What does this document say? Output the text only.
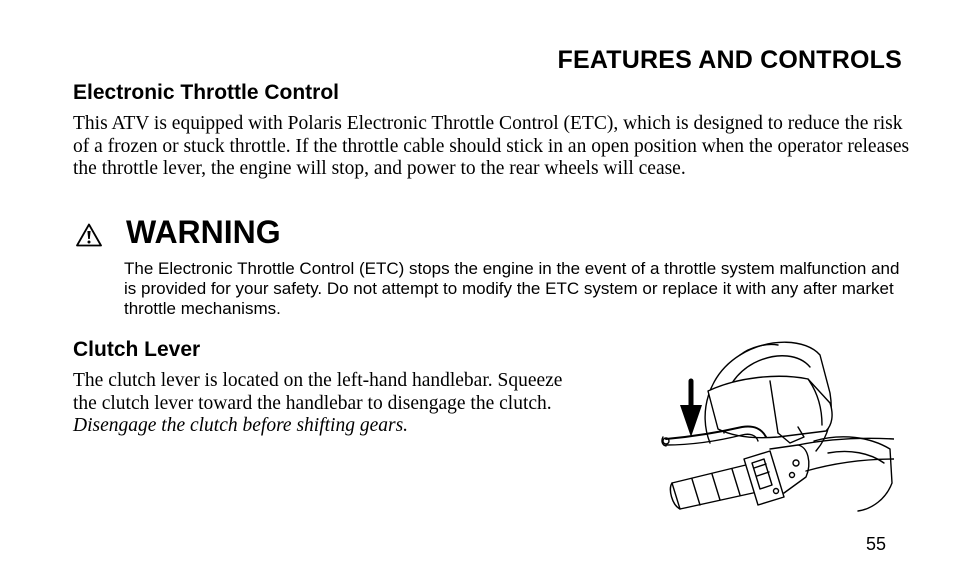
FEATURES AND CONTROLS
Electronic Throttle Control

This ATV is equipped with Polaris Electronic Throttle Control (ETC), which is designed to reduce the risk of a frozen or stuck throttle. If the throttle cable should stick in an open position when the operator releases the throttle lever, the engine will stop, and power to the rear wheels will cease.

WARNING

The Electronic Throttle Control (ETC) stops the engine in the event of a throttle system malfunction and is provided for your safety. Do not attempt to modify the ETC system or replace it with any after market throttle mechanisms.

Clutch Lever

The clutch lever is located on the left-hand handlebar. Squeeze the clutch lever toward the handlebar to disengage the clutch. Disengage the clutch before shifting gears.

55
